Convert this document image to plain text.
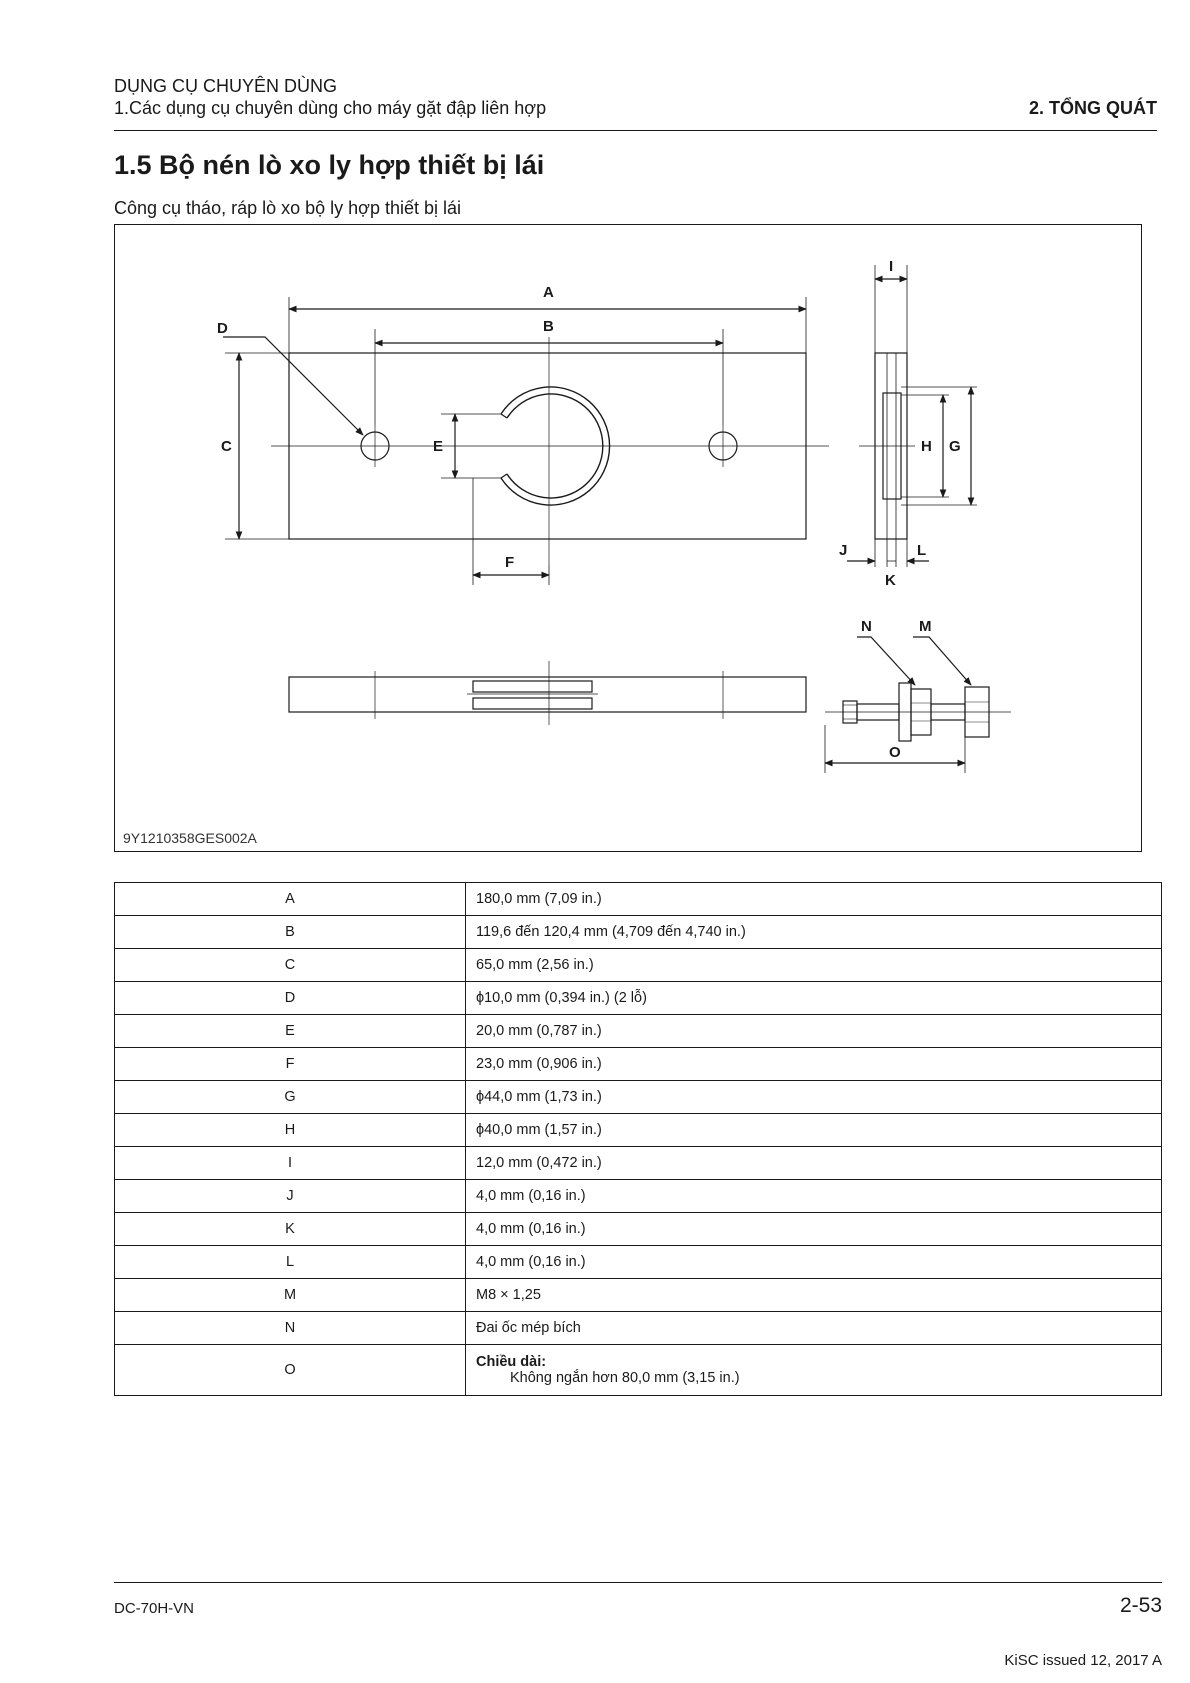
DỤNG CỤ CHUYÊN DÙNG
1.Các dụng cụ chuyên dùng cho máy gặt đập liên hợp	2. TỔNG QUÁT
1.5 Bộ nén lò xo ly hợp thiết bị lái
Công cụ tháo, ráp lò xo bộ ly hợp thiết bị lái
A
B
C
D
E
F
G
H
I
J
K
L
M
N
O
9Y1210358GES002A
A	180,0 mm (7,09 in.)
B	119,6 đến 120,4 mm (4,709 đến 4,740 in.)
C	65,0 mm (2,56 in.)
D	ϕ10,0 mm (0,394 in.) (2 lỗ)
E	20,0 mm (0,787 in.)
F	23,0 mm (0,906 in.)
G	ϕ44,0 mm (1,73 in.)
H	ϕ40,0 mm (1,57 in.)
I	12,0 mm (0,472 in.)
J	4,0 mm (0,16 in.)
K	4,0 mm (0,16 in.)
L	4,0 mm (0,16 in.)
M	M8 × 1,25
N	Đai ốc mép bích
O	Chiều dài:
Không ngắn hơn 80,0 mm (3,15 in.)
DC-70H-VN	2-53
KiSC issued 12, 2017 A
